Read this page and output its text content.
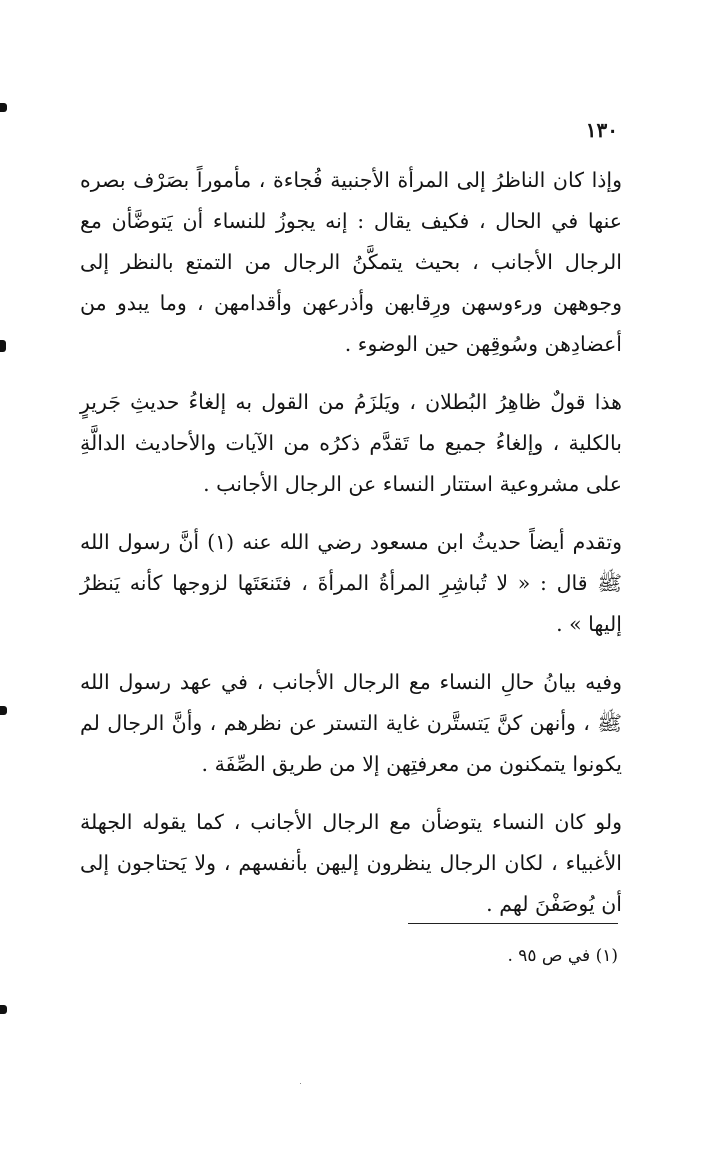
١٣٠

وإذا كان الناظرُ إلى المرأة الأجنبية فُجاءة ، مأموراً بصَرْف بصره عنها في الحال ، فكيف يقال : إنه يجوزُ للنساء أن يَتوضَّأن مع الرجال الأجانب ، بحيث يتمكَّنُ الرجال من التمتع بالنظر إلى وجوههن ورءوسهن ورِقابهن وأذرعهن وأقدامهن ، وما يبدو من أعضادِهن وسُوقِهن حين الوضوء .

هذا قولٌ ظاهِرُ البُطلان ، ويَلزَمُ من القول به إلغاءُ حديثِ جَريرٍ بالكلية ، وإلغاءُ جميع ما تَقدَّم ذكرُه من الآيات والأحاديث الدالَّةِ على مشروعية استتار النساء عن الرجال الأجانب .

وتقدم أيضاً حديثُ ابن مسعود رضي الله عنه (١) أنَّ رسول الله ﷺ قال : « لا تُباشِرِ المرأةُ المرأةَ ، فتَنعَتَها لزوجها كأنه يَنظرُ إليها » .

وفيه بيانُ حالِ النساء مع الرجال الأجانب ، في عهد رسول الله ﷺ ، وأنهن كنَّ يَتستَّرن غاية التستر عن نظرهم ، وأنَّ الرجال لم يكونوا يتمكنون من معرفتِهن إلا من طريق الصِّفَة .

ولو كان النساء يتوضأن مع الرجال الأجانب ، كما يقوله الجهلة الأغبياء ، لكان الرجال ينظرون إليهن بأنفسهم ، ولا يَحتاجون إلى أن يُوصَفْنَ لهم .

(١) في ص ٩٥ .
